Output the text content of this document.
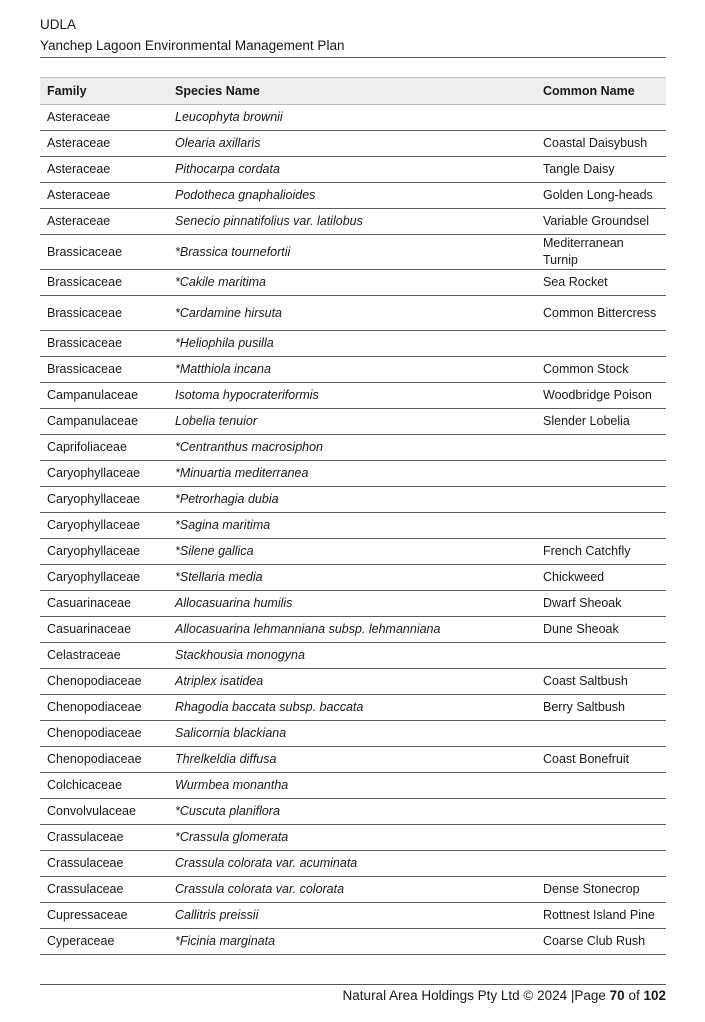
UDLA
Yanchep Lagoon Environmental Management Plan
Family	Species Name	Common Name
Asteraceae	Leucophyta brownii	
Asteraceae	Olearia axillaris	Coastal Daisybush
Asteraceae	Pithocarpa cordata	Tangle Daisy
Asteraceae	Podotheca gnaphalioides	Golden Long-heads
Asteraceae	Senecio pinnatifolius var. latilobus	Variable Groundsel
Brassicaceae	*Brassica tournefortii	Mediterranean Turnip
Brassicaceae	*Cakile maritima	Sea Rocket
Brassicaceae	*Cardamine hirsuta	Common Bittercress
Brassicaceae	*Heliophila pusilla	
Brassicaceae	*Matthiola incana	Common Stock
Campanulaceae	Isotoma hypocrateriformis	Woodbridge Poison
Campanulaceae	Lobelia tenuior	Slender Lobelia
Caprifoliaceae	*Centranthus macrosiphon	
Caryophyllaceae	*Minuartia mediterranea	
Caryophyllaceae	*Petrorhagia dubia	
Caryophyllaceae	*Sagina maritima	
Caryophyllaceae	*Silene gallica	French Catchfly
Caryophyllaceae	*Stellaria media	Chickweed
Casuarinaceae	Allocasuarina humilis	Dwarf Sheoak
Casuarinaceae	Allocasuarina lehmanniana subsp. lehmanniana	Dune Sheoak
Celastraceae	Stackhousia monogyna	
Chenopodiaceae	Atriplex isatidea	Coast Saltbush
Chenopodiaceae	Rhagodia baccata subsp. baccata	Berry Saltbush
Chenopodiaceae	Salicornia blackiana	
Chenopodiaceae	Threlkeldia diffusa	Coast Bonefruit
Colchicaceae	Wurmbea monantha	
Convolvulaceae	*Cuscuta planiflora	
Crassulaceae	*Crassula glomerata	
Crassulaceae	Crassula colorata var. acuminata	
Crassulaceae	Crassula colorata var. colorata	Dense Stonecrop
Cupressaceae	Callitris preissii	Rottnest Island Pine
Cyperaceae	*Ficinia marginata	Coarse Club Rush
Natural Area Holdings Pty Ltd © 2024 |Page 70 of 102
